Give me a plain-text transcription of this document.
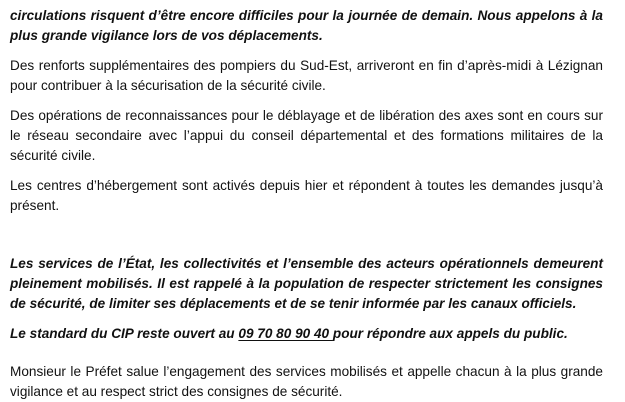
circulations risquent d’être encore difficiles pour la journée de demain. Nous appelons à la plus grande vigilance lors de vos déplacements.

Des renforts supplémentaires des pompiers du Sud-Est, arriveront en fin d’après-midi à Lézignan pour contribuer à la sécurisation de la sécurité civile.

Des opérations de reconnaissances pour le déblayage et de libération des axes sont en cours sur le réseau secondaire avec l’appui du conseil départemental et des formations militaires de la sécurité civile.

Les centres d’hébergement sont activés depuis hier et répondent à toutes les demandes jusqu’à présent.

Les services de l’État, les collectivités et l’ensemble des acteurs opérationnels demeurent pleinement mobilisés. Il est rappelé à la population de respecter strictement les consignes de sécurité, de limiter ses déplacements et de se tenir informée par les canaux officiels.

Le standard du CIP reste ouvert au 09 70 80 90 40 pour répondre aux appels du public.

Monsieur le Préfet salue l’engagement des services mobilisés et appelle chacun à la plus grande vigilance et au respect strict des consignes de sécurité.
